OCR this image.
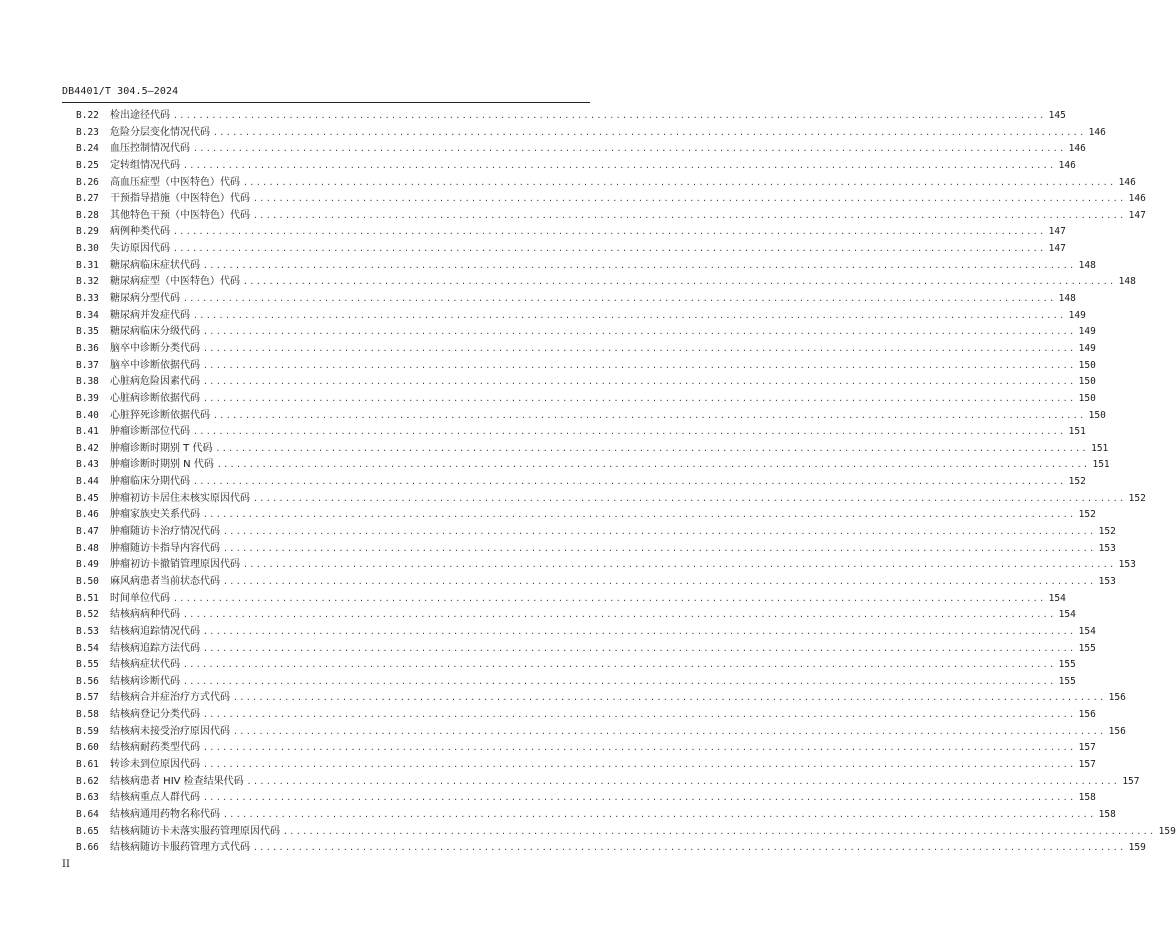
DB4401/T 304.5—2024
B.22	检出途径代码 ........................................................................................................................................ 145
B.23	危险分层变化情况代码 ........................................................................................................................................ 146
B.24	血压控制情况代码 ........................................................................................................................................ 146
B.25	定转组情况代码 ........................................................................................................................................ 146
B.26	高血压症型（中医特色）代码 ........................................................................................................................................ 146
B.27	干预指导措施（中医特色）代码 ........................................................................................................................................ 146
B.28	其他特色干预（中医特色）代码 ........................................................................................................................................ 147
B.29	病例种类代码 ........................................................................................................................................ 147
B.30	失访原因代码 ........................................................................................................................................ 147
B.31	糖尿病临床症状代码 ........................................................................................................................................ 148
B.32	糖尿病症型（中医特色）代码 ........................................................................................................................................ 148
B.33	糖尿病分型代码 ........................................................................................................................................ 148
B.34	糖尿病并发症代码 ........................................................................................................................................ 149
B.35	糖尿病临床分级代码 ........................................................................................................................................ 149
B.36	脑卒中诊断分类代码 ........................................................................................................................................ 149
B.37	脑卒中诊断依据代码 ........................................................................................................................................ 150
B.38	心脏病危险因素代码 ........................................................................................................................................ 150
B.39	心脏病诊断依据代码 ........................................................................................................................................ 150
B.40	心脏猝死诊断依据代码 ........................................................................................................................................ 150
B.41	肿瘤诊断部位代码 ........................................................................................................................................ 151
B.42	肿瘤诊断时期别 T 代码 ........................................................................................................................................ 151
B.43	肿瘤诊断时期别 N 代码 ........................................................................................................................................ 151
B.44	肿瘤临床分期代码 ........................................................................................................................................ 152
B.45	肿瘤初访卡居住未核实原因代码 ........................................................................................................................................ 152
B.46	肿瘤家族史关系代码 ........................................................................................................................................ 152
B.47	肿瘤随访卡治疗情况代码 ........................................................................................................................................ 152
B.48	肿瘤随访卡指导内容代码 ........................................................................................................................................ 153
B.49	肿瘤初访卡撤销管理原因代码 ........................................................................................................................................ 153
B.50	麻风病患者当前状态代码 ........................................................................................................................................ 153
B.51	时间单位代码 ........................................................................................................................................ 154
B.52	结核病病种代码 ........................................................................................................................................ 154
B.53	结核病追踪情况代码 ........................................................................................................................................ 154
B.54	结核病追踪方法代码 ........................................................................................................................................ 155
B.55	结核病症状代码 ........................................................................................................................................ 155
B.56	结核病诊断代码 ........................................................................................................................................ 155
B.57	结核病合并症治疗方式代码 ........................................................................................................................................ 156
B.58	结核病登记分类代码 ........................................................................................................................................ 156
B.59	结核病未接受治疗原因代码 ........................................................................................................................................ 156
B.60	结核病耐药类型代码 ........................................................................................................................................ 157
B.61	转诊未到位原因代码 ........................................................................................................................................ 157
B.62	结核病患者 HIV 检查结果代码 ........................................................................................................................................ 157
B.63	结核病重点人群代码 ........................................................................................................................................ 158
B.64	结核病通用药物名称代码 ........................................................................................................................................ 158
B.65	结核病随访卡未落实服药管理原因代码 ........................................................................................................................................ 159
B.66	结核病随访卡服药管理方式代码 ........................................................................................................................................ 159
II
